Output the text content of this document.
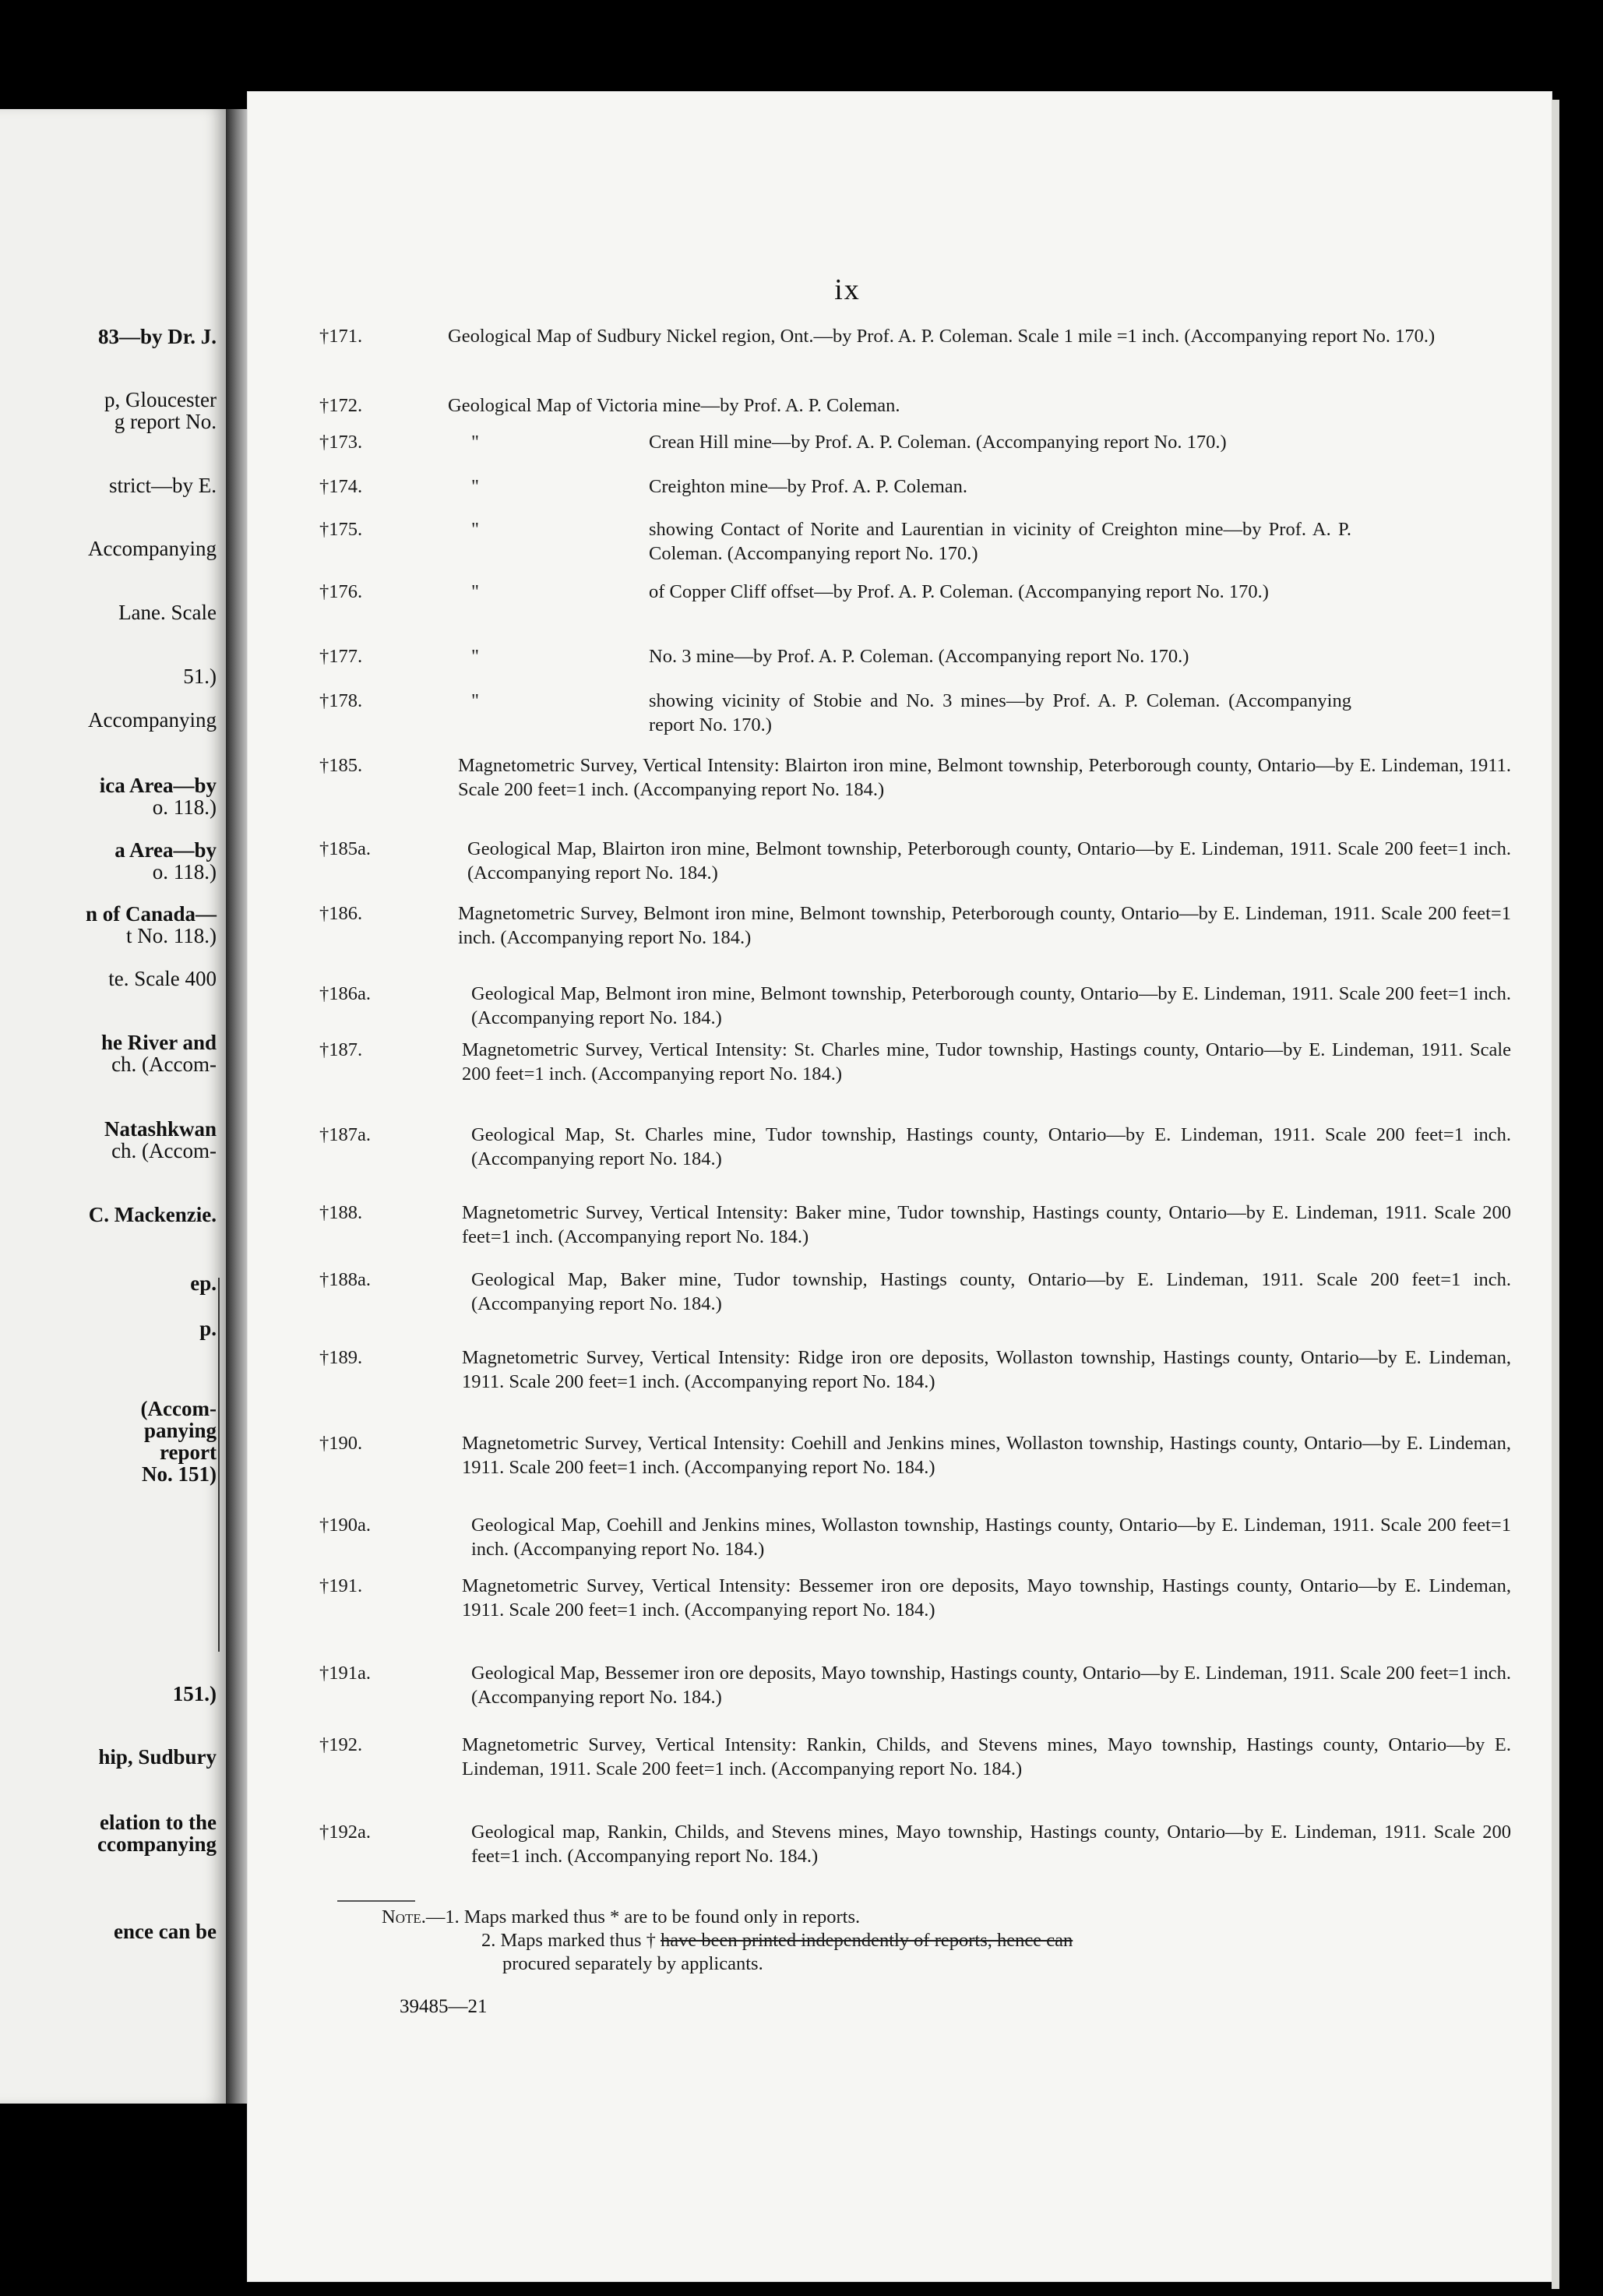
83—by Dr. J.
p, Gloucester
g report No.
strict—by E.
Accompanying
Lane. Scale
51.)
Accompanying
ica Area—by
o. 118.)
a Area—by
o. 118.)
n of Canada—
t No. 118.)
te. Scale 400
he River and
ch. (Accom-
Natashkwan
ch. (Accom-
C. Mackenzie.
ep.
p.
(Accom-
panying
report
No. 151)
151.)
hip, Sudbury
elation to the
ccompanying
ence can be
ix
†171.	Geological Map of Sudbury Nickel region, Ont.—by Prof. A. P. Coleman. Scale 1 mile =1 inch. (Accompanying report No. 170.)
†172.	Geological Map of Victoria mine—by Prof. A. P. Coleman.
†173.	"	Crean Hill mine—by Prof. A. P. Coleman. (Accompanying report No. 170.)
†174.	"	Creighton mine—by Prof. A. P. Coleman.
†175.	"	showing Contact of Norite and Laurentian in vicinity of Creighton mine—by Prof. A. P. Coleman. (Accompanying report No. 170.)
†176.	"	of Copper Cliff offset—by Prof. A. P. Coleman. (Accompanying report No. 170.)
†177.	"	No. 3 mine—by Prof. A. P. Coleman. (Accompanying report No. 170.)
†178.	"	showing vicinity of Stobie and No. 3 mines—by Prof. A. P. Coleman. (Accompanying report No. 170.)
†185.	Magnetometric Survey, Vertical Intensity: Blairton iron mine, Belmont township, Peterborough county, Ontario—by E. Lindeman, 1911. Scale 200 feet=1 inch. (Accompanying report No. 184.)
†185a.	Geological Map, Blairton iron mine, Belmont township, Peterborough county, Ontario—by E. Lindeman, 1911. Scale 200 feet=1 inch. (Accompanying report No. 184.)
†186.	Magnetometric Survey, Belmont iron mine, Belmont township, Peterborough county, Ontario—by E. Lindeman, 1911. Scale 200 feet=1 inch. (Accompanying report No. 184.)
†186a.	Geological Map, Belmont iron mine, Belmont township, Peterborough county, Ontario—by E. Lindeman, 1911. Scale 200 feet=1 inch. (Accompanying report No. 184.)
†187.	Magnetometric Survey, Vertical Intensity: St. Charles mine, Tudor township, Hastings county, Ontario—by E. Lindeman, 1911. Scale 200 feet=1 inch. (Accompanying report No. 184.)
†187a.	Geological Map, St. Charles mine, Tudor township, Hastings county, Ontario—by E. Lindeman, 1911. Scale 200 feet=1 inch. (Accompanying report No. 184.)
†188.	Magnetometric Survey, Vertical Intensity: Baker mine, Tudor township, Hastings county, Ontario—by E. Lindeman, 1911. Scale 200 feet=1 inch. (Accompanying report No. 184.)
†188a.	Geological Map, Baker mine, Tudor township, Hastings county, Ontario—by E. Lindeman, 1911. Scale 200 feet=1 inch. (Accompanying report No. 184.)
†189.	Magnetometric Survey, Vertical Intensity: Ridge iron ore deposits, Wollaston township, Hastings county, Ontario—by E. Lindeman, 1911. Scale 200 feet=1 inch. (Accompanying report No. 184.)
†190.	Magnetometric Survey, Vertical Intensity: Coehill and Jenkins mines, Wollaston township, Hastings county, Ontario—by E. Lindeman, 1911. Scale 200 feet=1 inch. (Accompanying report No. 184.)
†190a.	Geological Map, Coehill and Jenkins mines, Wollaston township, Hastings county, Ontario—by E. Lindeman, 1911. Scale 200 feet=1 inch. (Accompanying report No. 184.)
†191.	Magnetometric Survey, Vertical Intensity: Bessemer iron ore deposits, Mayo township, Hastings county, Ontario—by E. Lindeman, 1911. Scale 200 feet=1 inch. (Accompanying report No. 184.)
†191a.	Geological Map, Bessemer iron ore deposits, Mayo township, Hastings county, Ontario—by E. Lindeman, 1911. Scale 200 feet=1 inch. (Accompanying report No. 184.)
†192.	Magnetometric Survey, Vertical Intensity: Rankin, Childs, and Stevens mines, Mayo township, Hastings county, Ontario—by E. Lindeman, 1911. Scale 200 feet=1 inch. (Accompanying report No. 184.)
†192a.	Geological map, Rankin, Childs, and Stevens mines, Mayo township, Hastings county, Ontario—by E. Lindeman, 1911. Scale 200 feet=1 inch. (Accompanying report No. 184.)
Note.—1. Maps marked thus * are to be found only in reports.
2. Maps marked thus † have been printed independently of reports, hence can
procured separately by applicants.
39485—21
